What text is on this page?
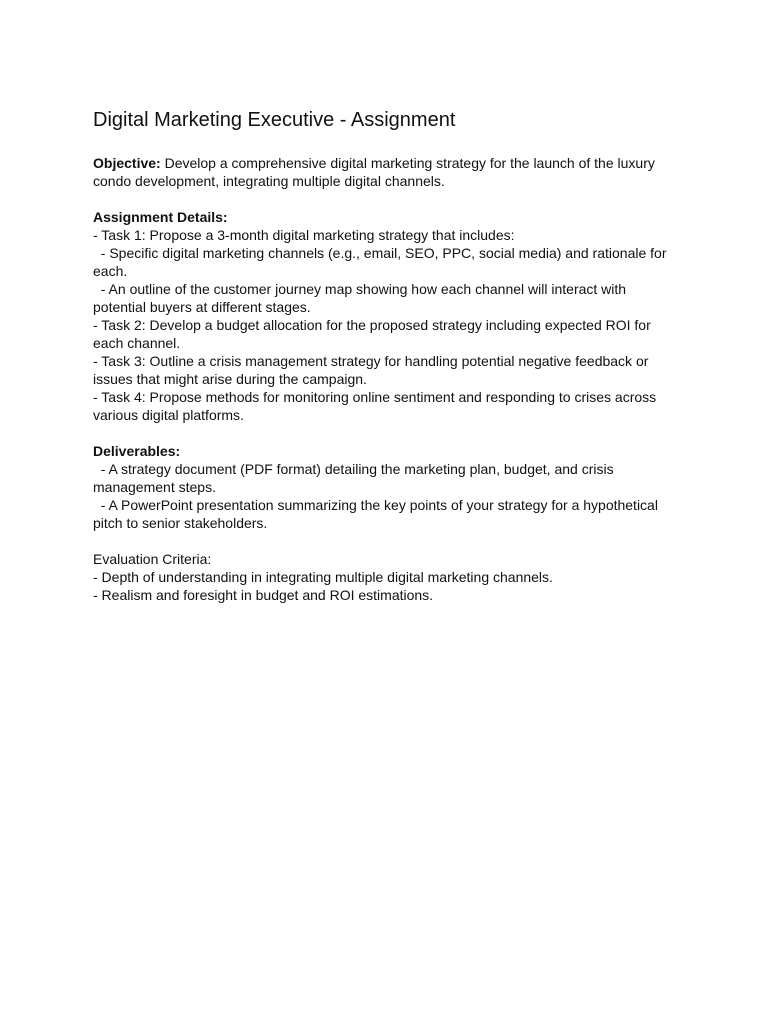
Digital Marketing Executive - Assignment

Objective: Develop a comprehensive digital marketing strategy for the launch of the luxury condo development, integrating multiple digital channels.

Assignment Details:

- Task 1: Propose a 3-month digital marketing strategy that includes:

- Specific digital marketing channels (e.g., email, SEO, PPC, social media) and rationale for each.

- An outline of the customer journey map showing how each channel will interact with potential buyers at different stages.

- Task 2: Develop a budget allocation for the proposed strategy including expected ROI for each channel.

- Task 3: Outline a crisis management strategy for handling potential negative feedback or issues that might arise during the campaign.

- Task 4: Propose methods for monitoring online sentiment and responding to crises across various digital platforms.

Deliverables:

- A strategy document (PDF format) detailing the marketing plan, budget, and crisis management steps.

- A PowerPoint presentation summarizing the key points of your strategy for a hypothetical pitch to senior stakeholders.

Evaluation Criteria:

- Depth of understanding in integrating multiple digital marketing channels.

- Realism and foresight in budget and ROI estimations.
